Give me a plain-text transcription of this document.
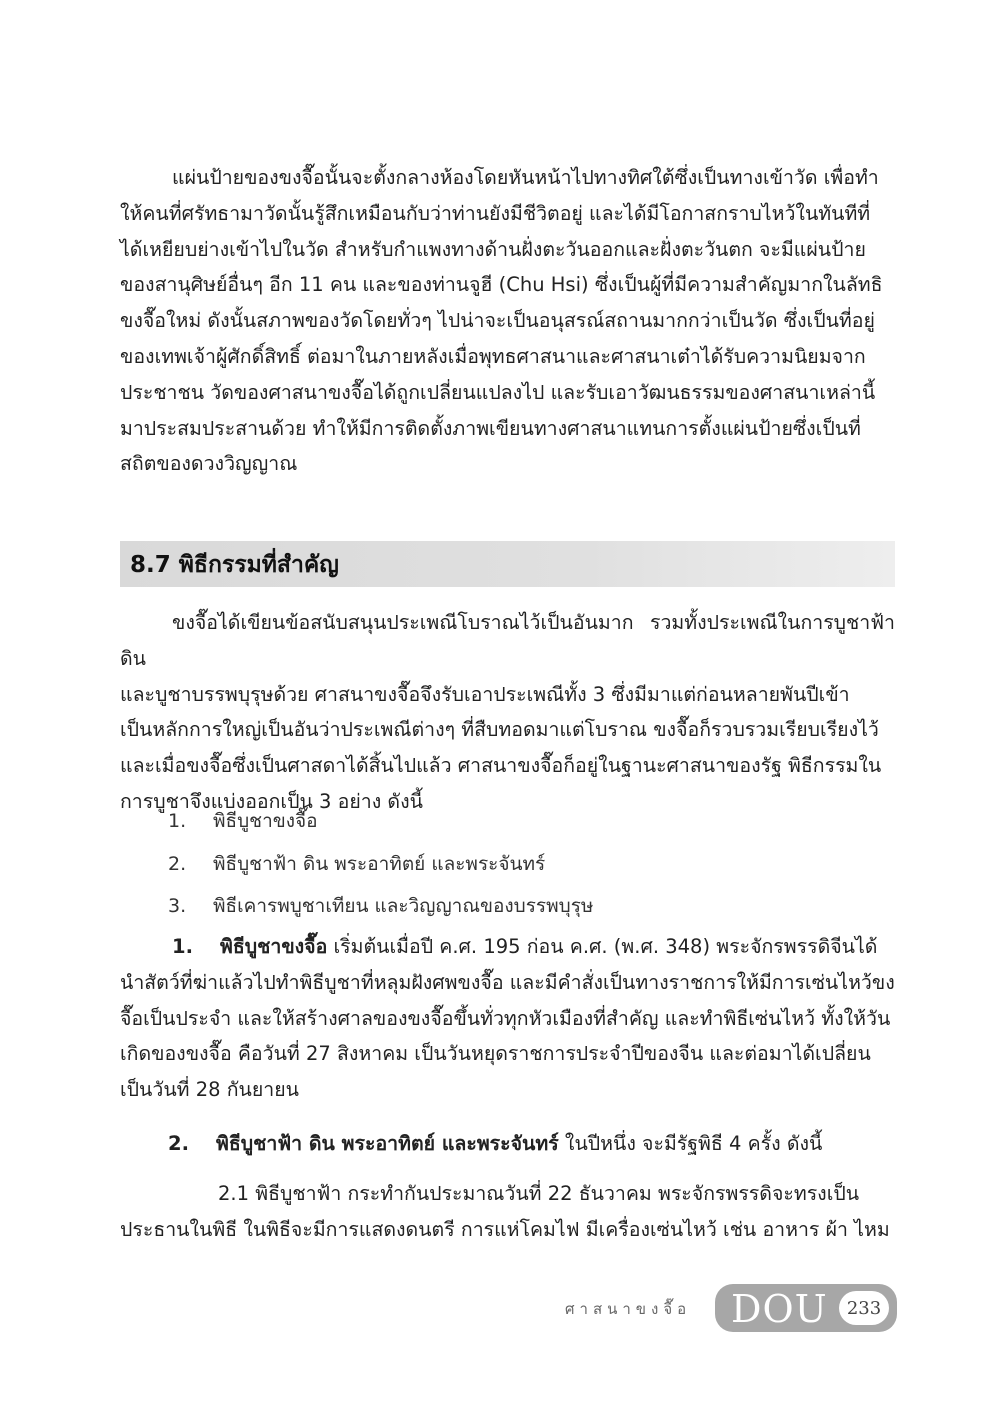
แผ่นป้ายของขงจื๊อนั้นจะตั้งกลางห้องโดยหันหน้าไปทางทิศใต้ซึ่งเป็นทางเข้าวัด เพื่อทำ
ให้คนที่ศรัทธามาวัดนั้นรู้สึกเหมือนกับว่าท่านยังมีชีวิตอยู่ และได้มีโอกาสกราบไหว้ในทันทีที่
ได้เหยียบย่างเข้าไปในวัด สำหรับกำแพงทางด้านฝั่งตะวันออกและฝั่งตะวันตก จะมีแผ่นป้าย
ของสานุศิษย์อื่นๆ อีก 11 คน และของท่านจูฮี (Chu Hsi) ซึ่งเป็นผู้ที่มีความสำคัญมากในลัทธิ
ขงจื๊อใหม่ ดังนั้นสภาพของวัดโดยทั่วๆ ไปน่าจะเป็นอนุสรณ์สถานมากกว่าเป็นวัด ซึ่งเป็นที่อยู่
ของเทพเจ้าผู้ศักดิ์สิทธิ์ ต่อมาในภายหลังเมื่อพุทธศาสนาและศาสนาเต๋าได้รับความนิยมจาก
ประชาชน วัดของศาสนาขงจื๊อได้ถูกเปลี่ยนแปลงไป และรับเอาวัฒนธรรมของศาสนาเหล่านี้
มาประสมประสานด้วย ทำให้มีการติดตั้งภาพเขียนทางศาสนาแทนการตั้งแผ่นป้ายซึ่งเป็นที่
สถิตของดวงวิญญาณ
8.7 พิธีกรรมที่สำคัญ
ขงจื๊อได้เขียนข้อสนับสนุนประเพณีโบราณไว้เป็นอันมาก รวมทั้งประเพณีในการบูชาฟ้าดิน
และบูชาบรรพบุรุษด้วย ศาสนาขงจื๊อจึงรับเอาประเพณีทั้ง 3 ซึ่งมีมาแต่ก่อนหลายพันปีเข้า
เป็นหลักการใหญ่เป็นอันว่าประเพณีต่างๆ ที่สืบทอดมาแต่โบราณ ขงจื๊อก็รวบรวมเรียบเรียงไว้
และเมื่อขงจื๊อซึ่งเป็นศาสดาได้สิ้นไปแล้ว ศาสนาขงจื๊อก็อยู่ในฐานะศาสนาของรัฐ พิธีกรรมใน
การบูชาจึงแบ่งออกเป็น 3 อย่าง ดังนี้
1. พิธีบูชาขงจื๊อ
2. พิธีบูชาฟ้า ดิน พระอาทิตย์ และพระจันทร์
3. พิธีเคารพบูชาเทียน และวิญญาณของบรรพบุรุษ
1. พิธีบูชาขงจื๊อ เริ่มต้นเมื่อปี ค.ศ. 195 ก่อน ค.ศ. (พ.ศ. 348) พระจักรพรรดิจีนได้
นำสัตว์ที่ฆ่าแล้วไปทำพิธีบูชาที่หลุมฝังศพขงจื๊อ และมีคำสั่งเป็นทางราชการให้มีการเซ่นไหว้ขง
จื๊อเป็นประจำ และให้สร้างศาลของขงจื๊อขึ้นทั่วทุกหัวเมืองที่สำคัญ และทำพิธีเซ่นไหว้ ทั้งให้วัน
เกิดของขงจื๊อ คือวันที่ 27 สิงหาคม เป็นวันหยุดราชการประจำปีของจีน และต่อมาได้เปลี่ยน
เป็นวันที่ 28 กันยายน
2. พิธีบูชาฟ้า ดิน พระอาทิตย์ และพระจันทร์ ในปีหนึ่ง จะมีรัฐพิธี 4 ครั้ง ดังนี้
2.1 พิธีบูชาฟ้า กระทำกันประมาณวันที่ 22 ธันวาคม พระจักรพรรดิจะทรงเป็น
ประธานในพิธี ในพิธีจะมีการแสดงดนตรี การแห่โคมไฟ มีเครื่องเซ่นไหว้ เช่น อาหาร ผ้า ไหม
ศาสนาขงจื๊อ DOU	233
